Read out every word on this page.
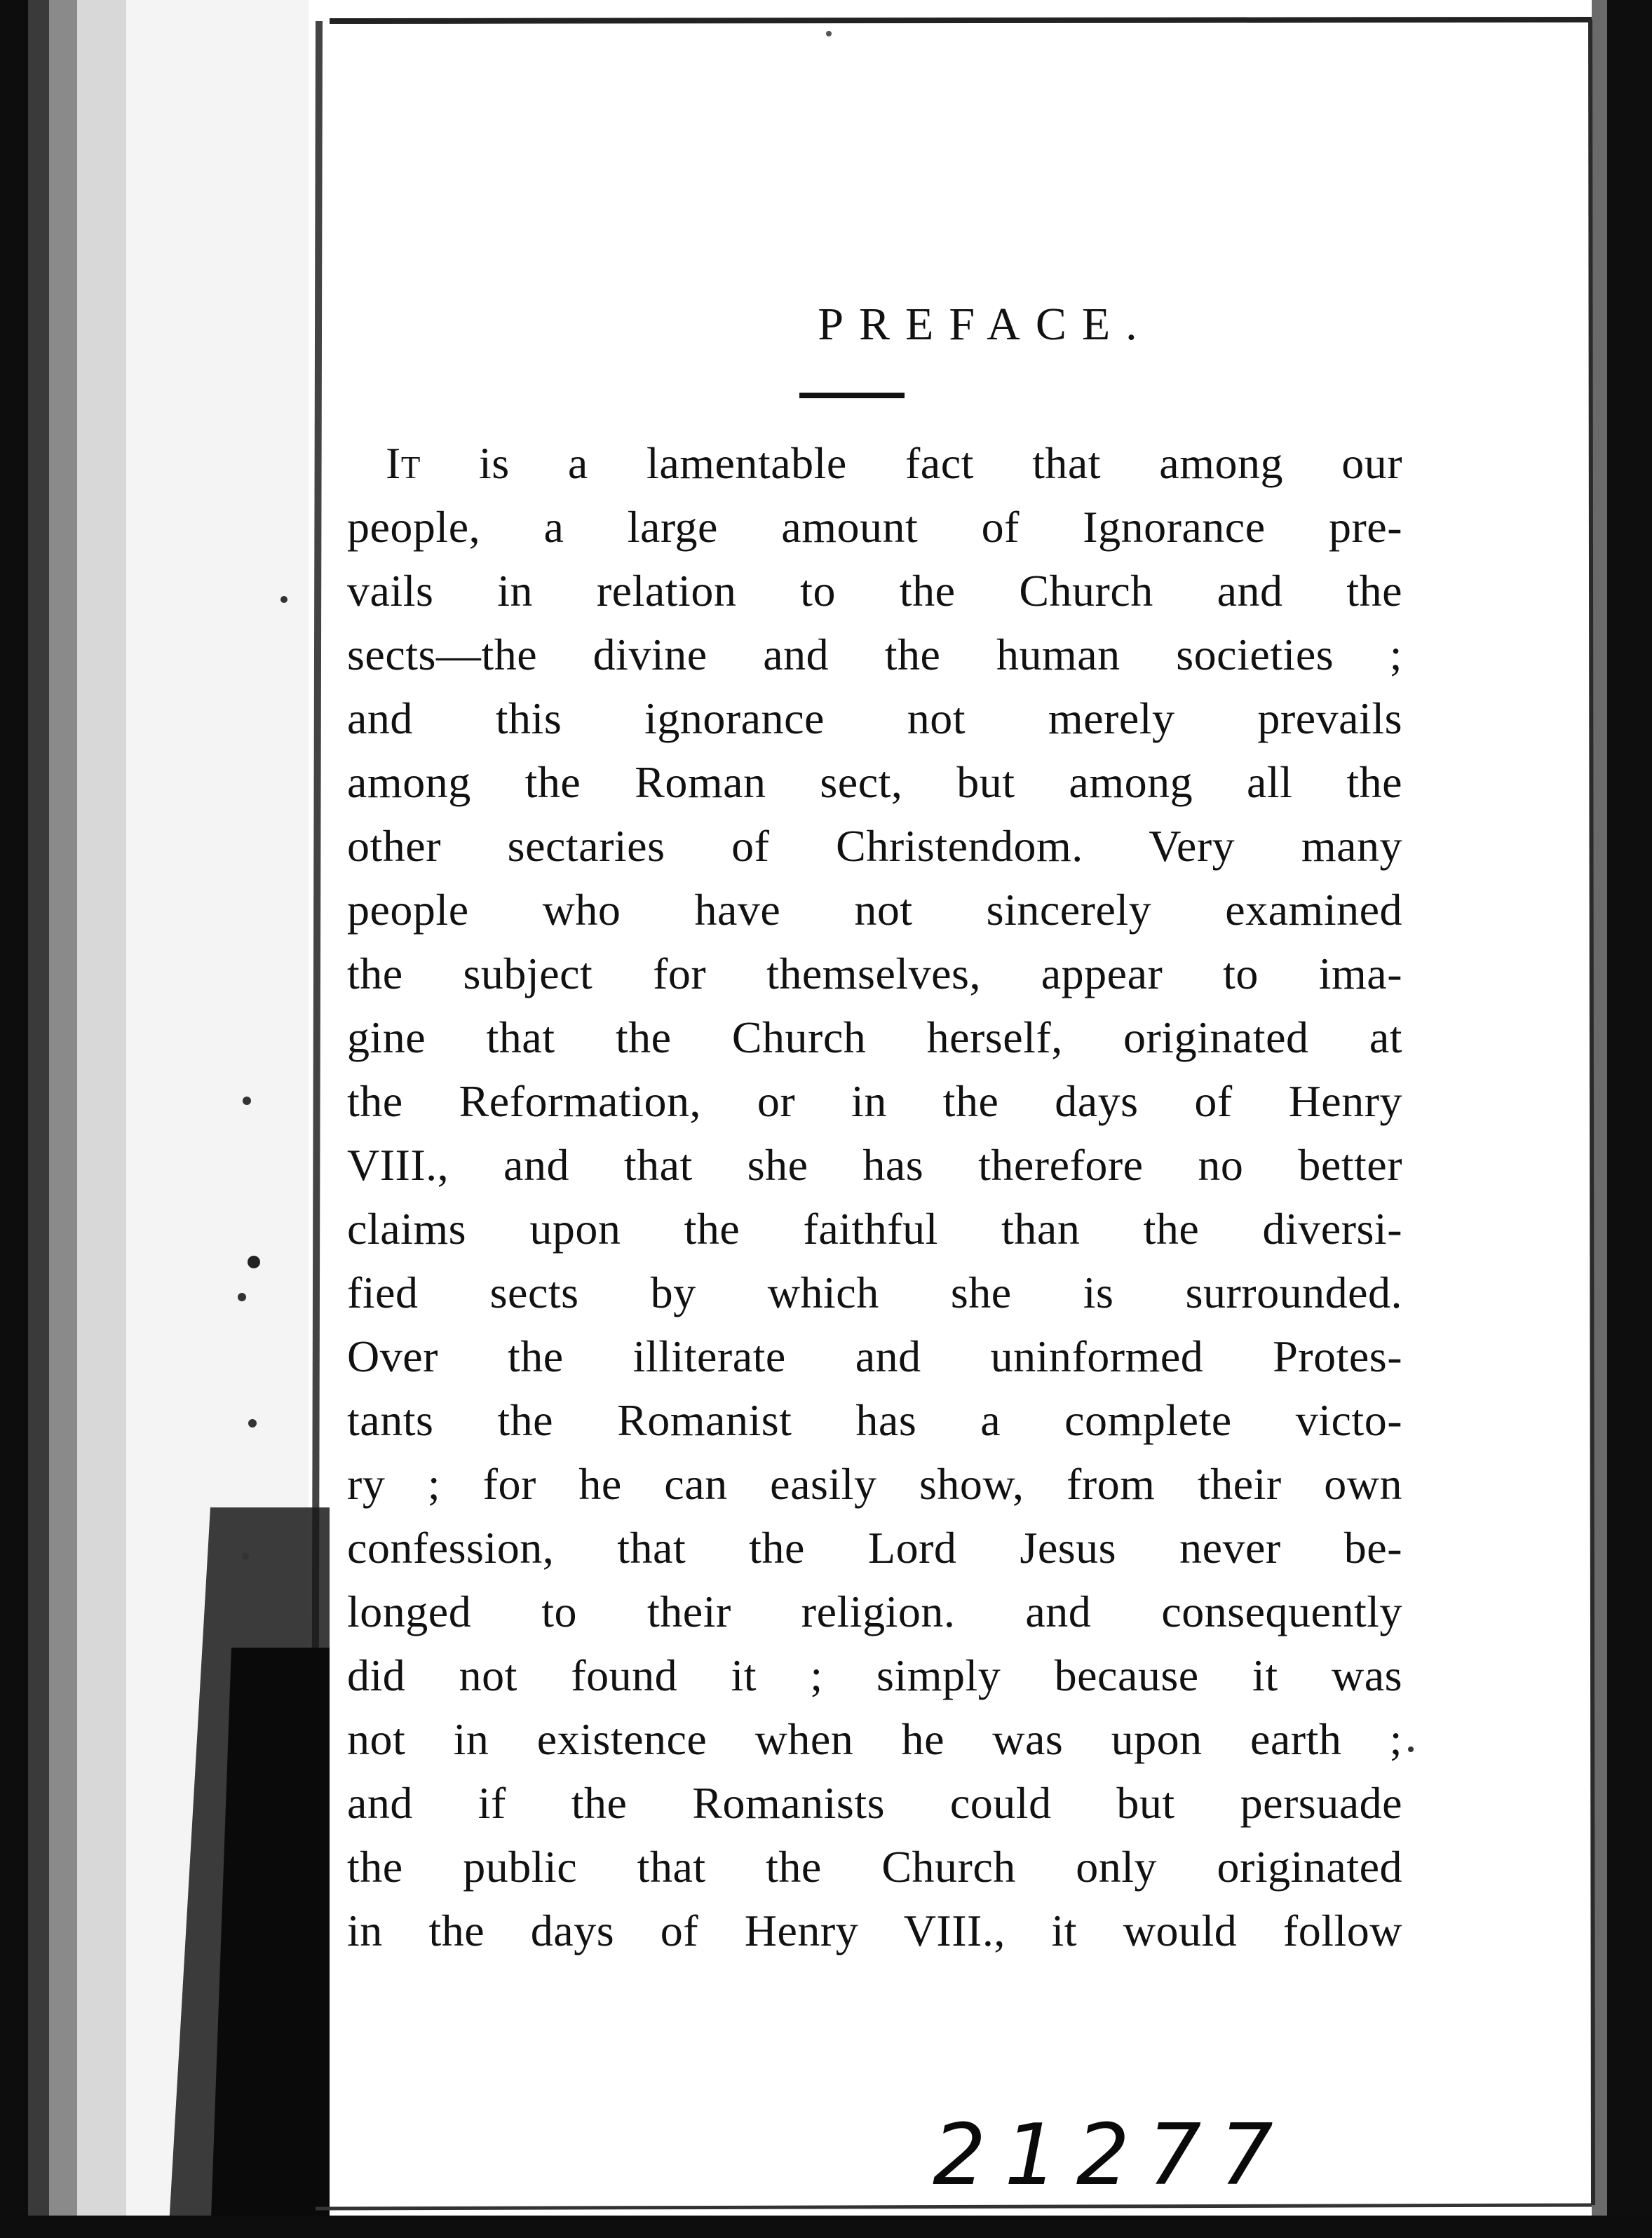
PREFACE.
It is a lamentable fact that among our
people, a large amount of Ignorance pre-
vails in relation to the Church and the
sects—the divine and the human societies ;
and this ignorance not merely prevails
among the Roman sect, but among all the
other sectaries of Christendom. Very many
people who have not sincerely examined
the subject for themselves, appear to ima-
gine that the Church herself, originated at
the Reformation, or in the days of Henry
VIII., and that she has therefore no better
claims upon the faithful than the diversi-
fied sects by which she is surrounded.
Over the illiterate and uninformed Protes-
tants the Romanist has a complete victo-
ry ; for he can easily show, from their own
confession, that the Lord Jesus never be-
longed to their religion. and consequently
did not found it ; simply because it was
not in existence when he was upon earth ;
and if the Romanists could but persuade
the public that the Church only originated
in the days of Henry VIII., it would follow
21277
